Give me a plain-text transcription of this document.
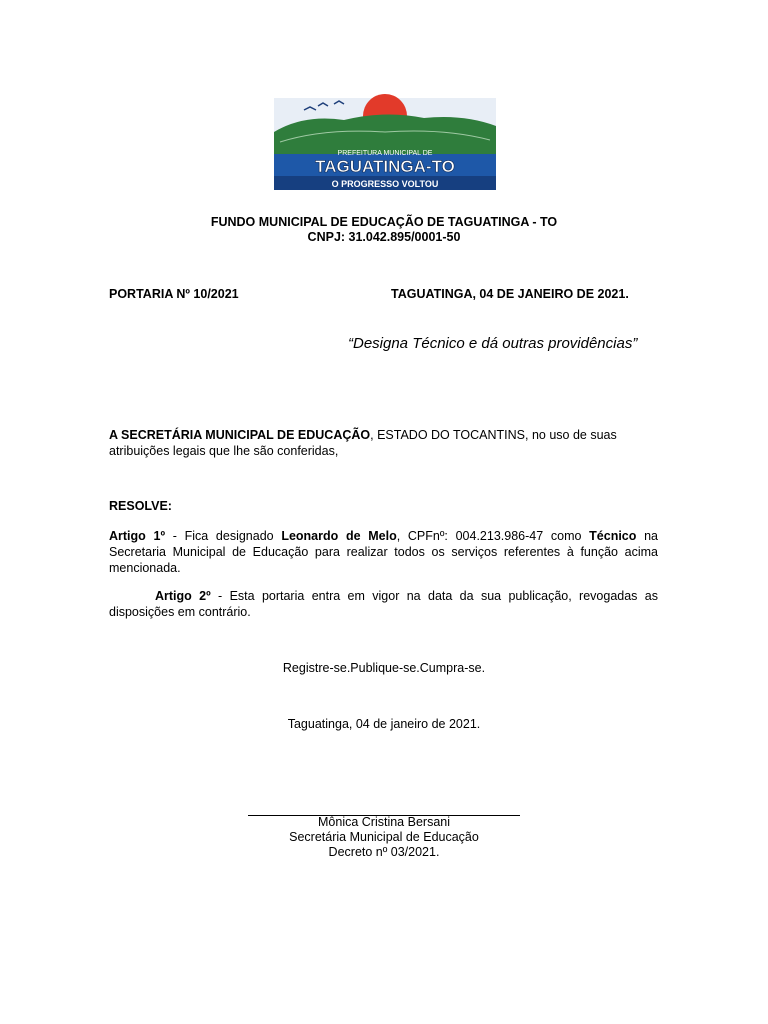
PREFEITURA MUNICIPAL DE
TAGUATINGA-TO
O PROGRESSO VOLTOU
FUNDO MUNICIPAL DE EDUCAÇÃO DE TAGUATINGA - TO
CNPJ: 31.042.895/0001-50
PORTARIA Nº 10/2021	TAGUATINGA, 04 DE JANEIRO DE 2021.
“Designa Técnico e dá outras providências”
A SECRETÁRIA MUNICIPAL DE EDUCAÇÃO, ESTADO DO TOCANTINS, no uso de suas atribuições legais que lhe são conferidas,
RESOLVE:
Artigo 1º - Fica designado Leonardo de Melo, CPFnº: 004.213.986-47 como Técnico na Secretaria Municipal de Educação para realizar todos os serviços referentes à função acima mencionada.
Artigo 2º - Esta portaria entra em vigor na data da sua publicação, revogadas as disposições em contrário.
Registre-se.Publique-se.Cumpra-se.
Taguatinga, 04 de janeiro de 2021.
Mônica Cristina Bersani
Secretária Municipal de Educação
Decreto nº 03/2021.
